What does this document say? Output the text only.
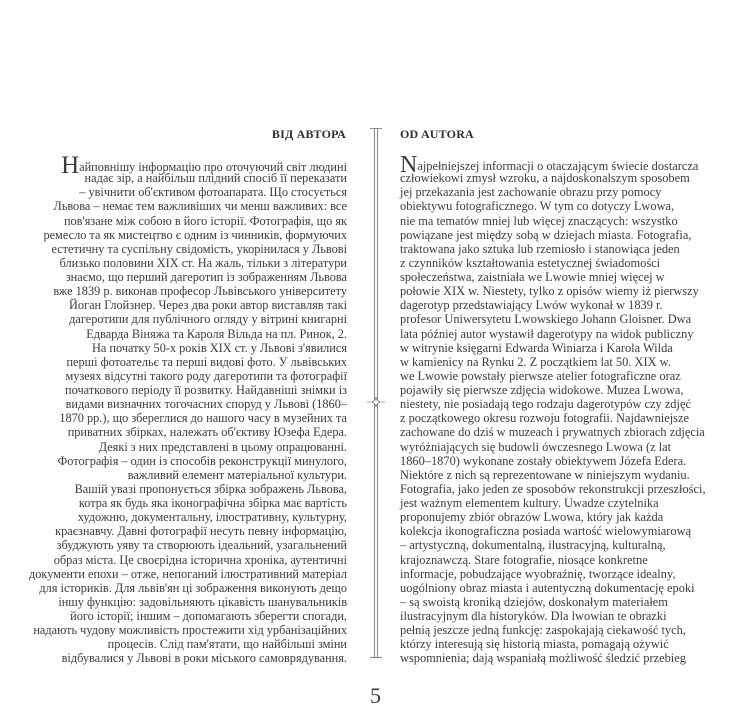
ВІД АВТОРА	OD AUTORA
Найповнішу інформацію про оточуючий світ людині
надає зір, а найбільш плідний спосіб її переказати
– увічнити об'єктивом фотоапарата. Що стосується
Львова – немає тем важливіших чи менш важливих: все
пов'язане між собою в його історії. Фотографія, що як
ремесло та як мистецтво є одним із чинників, формуючих
естетичну та суспільну свідомість, укорінилася у Львові
близько половини XIX ст. На жаль, тільки з літератури
знаємо, що перший дагеротип із зображенням Львова
вже 1839 р. виконав професор Львівського університету
Йоган Глойзнер. Через два роки автор виставляв такі
дагеротипи для публічного огляду у вітрині книгарні
Едварда Віняжа та Кароля Вільда на пл. Ринок, 2.
На початку 50-х років XIX ст. у Львові з'явилися
перші фотоательє та перші видові фото. У львівських
музеях відсутні такого роду дагеротипи та фотографії
початкового періоду її розвитку. Найдавніші знімки із
видами визначних тогочасних споруд у Львові (1860–
1870 рр.), що збереглися до нашого часу в музейних та
приватних збірках, належать об'єктиву Юзефа Едера.
Деякі з них представлені в цьому опрацюванні.
Фотографія – один із способів реконструкції минулого,
важливий елемент матеріальної культури.
Вашій увазі пропонується збірка зображень Львова,
котра як будь яка іконографічна збірка має вартість
художню, документальну, ілюстративну, культурну,
краєзнавчу. Давні фотографії несуть певну інформацію,
збуджують уяву та створюють ідеальний, узагальнений
образ міста. Це своєрідна історична хроніка, аутентичні
документи епохи – отже, непоганий ілюстративний матеріал
для істориків. Для львів'ян ці зображення виконують дещо
іншу функцію: задовільняють цікавість шанувальників
його історії; іншим – допомагають зберегти спогади,
надають чудову можливість простежити хід урбанізаційних
процесів. Слід пам'ятати, що найбільші зміни
відбувалися у Львові в роки міського самоврядування.
Najpełniejszej informacji o otaczającym świecie dostarcza
człowiekowi zmysł wzroku, a najdoskonalszym sposobem
jej przekazania jest zachowanie obrazu przy pomocy
obiektywu fotograficznego. W tym co dotyczy Lwowa,
nie ma tematów mniej lub więcej znaczących: wszystko
powiązane jest między sobą w dziejach miasta. Fotografia,
traktowana jako sztuka lub rzemiosło i stanowiąca jeden
z czynników kształtowania estetycznej świadomości
społeczeństwa, zaistniała we Lwowie mniej więcej w
połowie XIX w. Niestety, tylko z opisów wiemy iż pierwszy
dagerotyp przedstawiający Lwów wykonał w 1839 r.
profesor Uniwersytetu Lwowskiego Johann Gloisner. Dwa
lata później autor wystawił dagerotypy na widok publiczny
w witrynie księgarni Edwarda Winiarza i Karola Wilda
w kamienicy na Rynku 2. Z początkiem lat 50. XIX w.
we Lwowie powstały pierwsze atelier fotograficzne oraz
pojawiły się pierwsze zdjęcia widokowe. Muzea Lwowa,
niestety, nie posiadają tego rodzaju dagerotypów czy zdjęć
z początkowego okresu rozwoju fotografii. Najdawniejsze
zachowane do dziś w muzeach i prywatnych zbiorach zdjęcia
wyróżniających się budowli ówczesnego Lwowa (z lat
1860–1870) wykonane zostały obiektywem Józefa Edera.
Niektóre z nich są reprezentowane w niniejszym wydaniu.
Fotografia, jako jeden ze sposobów rekonstrukcji przeszłości,
jest ważnym elementem kultury. Uwadze czytelnika
proponujemy zbiór obrazów Lwowa, który jak każda
kolekcja ikonograficzna posiada wartość wielowymiarową
– artystyczną, dokumentalną, ilustracyjną, kulturalną,
krajoznawczą. Stare fotografie, niosące konkretne
informacje, pobudzające wyobraźnię, tworzące idealny,
uogólniony obraz miasta i autentyczną dokumentację epoki
– są swoistą kroniką dziejów, doskonałym materiałem
ilustracyjnym dla historyków. Dla lwowian te obrazki
pełnią jeszcze jedną funkcję: zaspokajają ciekawość tych,
którzy interesują się historią miasta, pomagają ożywić
wspomnienia; dają wspaniałą możliwość śledzić przebieg

5
